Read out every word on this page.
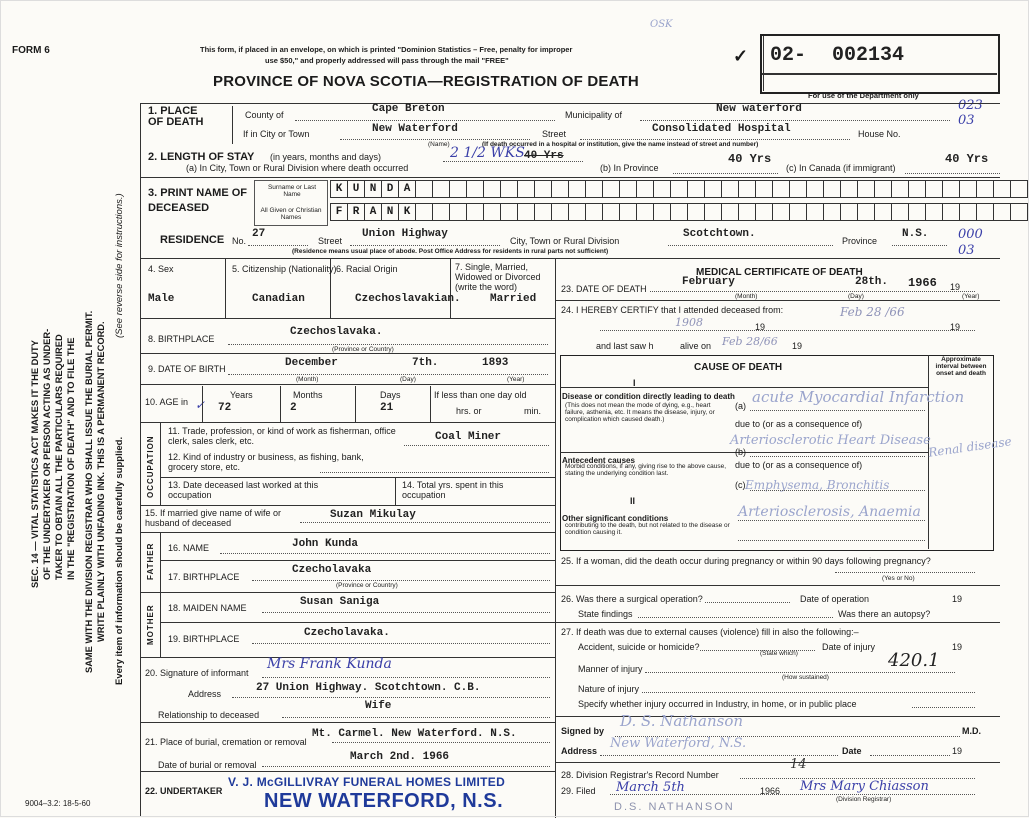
FORM 6	This form, if placed in an envelope, on which is printed "Dominion Statistics – Free, penalty for improper
use $50," and properly addressed will pass through the mail "FREE"
PROVINCE OF NOVA SCOTIA—REGISTRATION OF DEATH
OSK
✓ 02- 002134
For use of the Department only
023
03
000
03
SEC. 14 — VITAL STATISTICS ACT MAKES IT THE DUTY OF THE UNDERTAKER OR PERSON ACTING AS UNDER- TAKER TO OBTAIN ALL THE PARTICULARS REQUIRED IN THE "REGISTRATION OF DEATH" AND TO FILE THE SAME WITH THE DIVISION REGISTRAR WHO SHALL ISSUE THE BURIAL PERMIT. WRITE PLAINLY WITH UNFADING INK. THIS IS A PERMANENT RECORD.
(See reverse side for instructions.)
Every item of information should be carefully supplied.
1. PLACE OF DEATH
County of	Cape Breton	Municipality of	New waterford
If in City or Town	New Waterford
(Name)
Street	Consolidated Hospital	House No.
(If death occurred in a hospital or institution, give the name instead of street and number)
2. LENGTH OF STAY (in years, months and days)
(a) In City, Town or Rural Division where death occurred
2 1/2 WKS 40 Yrs
(b) In Province
40 Yrs
(c) In Canada (if immigrant)
40 Yrs
3. PRINT NAME OF DECEASED
Surname or Last Name
All Given or Christian Names
K U N D A
F R A N K
RESIDENCE No.
27
Street
Union Highway
City, Town or Rural Division
Scotchtown.
Province
N.S.
(Residence means usual place of abode. Post Office Address for residents in rural parts not sufficient)
4. Sex
Male
5. Citizenship (Nationality)
Canadian
6. Racial Origin
Czechoslavakian.
7. Single, Married, Widowed or Divorced (write the word)
Married
8. BIRTHPLACE
Czechoslavaka.
(Province or Country)
9. DATE OF BIRTH	December	7th.	1893
(Month)	(Day)	(Year)
10. AGE in ✓
Years	Months	Days
72	2	21
If less than one day old
hrs. or	min.
OCCUPATION
11. Trade, profession, or kind of work as fisherman, office clerk, sales clerk, etc.	Coal Miner
12. Kind of industry or business, as fishing, bank, grocery store, etc.
13. Date deceased last worked at this occupation
14. Total yrs. spent in this occupation
15. If married give name of wife or husband of deceased
Suzan Mikulay
FATHER 16. NAME	John Kunda
17. BIRTHPLACE
Czecholavaka
(Province or Country)
MOTHER 18. MAIDEN NAME	Susan Saniga
19. BIRTHPLACE	Czecholavaka.
20. Signature of informant
Mrs Frank Kunda
Address	27 Union Highway. Scotchtown. C.B.
Relationship to deceased
Wife
21. Place of burial, cremation or removal
Mt. Carmel. New Waterford. N.S.
Date of burial or removal
March 2nd. 1966
22. UNDERTAKER
V. J. McGILLIVRAY FUNERAL HOMES LIMITED
NEW WATERFORD, N.S.
9004–3.2: 18-5-60
MEDICAL CERTIFICATE OF DEATH
23. DATE OF DEATH
February	28th. 1966 19
(Month)	(Day)	(Year)
24. I HEREBY CERTIFY that I attended deceased from:
1908	19
Feb 28 /66
19
and last saw h	alive on Feb 28/66 19
CAUSE OF DEATH
Approximate interval between onset and death
I
Disease or condition directly leading to death
(This does not mean the mode of dying, e.g., heart failure, asthenia, etc. It means the disease, injury, or complication which caused death.)
(a) acute Myocardial Infarction
due to (or as a consequence of)
Antecedent causes
Morbid conditions, if any, giving rise to the above cause, stating the underlying condition last.
Arteriosclerotic Heart Disease
(b)
due to (or as a consequence of)
(c) Emphysema, Bronchitis
Renal disease
II
Other significant conditions
contributing to the death, but not related to the disease or condition causing it.
Arteriosclerosis, Anaemia
25. If a woman, did the death occur during pregnancy or within 90 days following pregnancy?
(Yes or No)
26. Was there a surgical operation?	Date of operation	19
State findings	Was there an autopsy?
27. If death was due to external causes (violence) fill in also the following:–
Accident, suicide or homicide?
(State which)
Date of injury	19
Manner of injury	420.1
(How sustained)
Nature of injury
Specify whether injury occurred in Industry, in home, or in public place
Signed by
D. S. Nathanson
M.D.
Address New Waterford, N.S.	Date	19
28. Division Registrar's Record Number
14
29. Filed March 5th	1966 Mrs Mary Chiasson
(Division Registrar)
D.S. NATHANSON
